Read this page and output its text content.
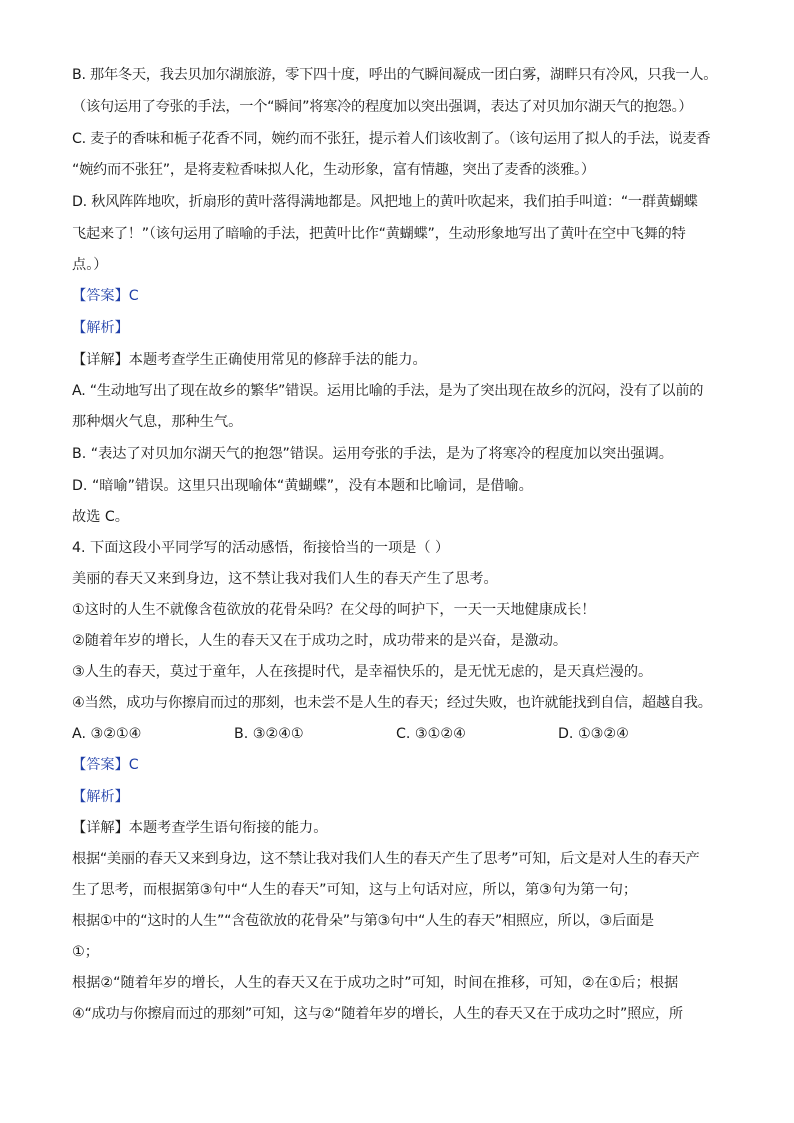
B. 那年冬天，我去贝加尔湖旅游，零下四十度，呼出的气瞬间凝成一团白雾，湖畔只有冷风，只我一人。
（该句运用了夸张的手法，一个“瞬间”将寒冷的程度加以突出强调，表达了对贝加尔湖天气的抱怨。）
C. 麦子的香味和栀子花香不同，婉约而不张狂，提示着人们该收割了。（该句运用了拟人的手法，说麦香
“婉约而不张狂”，是将麦粒香味拟人化，生动形象，富有情趣，突出了麦香的淡雅。）
D. 秋风阵阵地吹，折扇形的黄叶落得满地都是。风把地上的黄叶吹起来，我们拍手叫道：“一群黄蝴蝶
飞起来了！”（该句运用了暗喻的手法，把黄叶比作“黄蝴蝶”，生动形象地写出了黄叶在空中飞舞的特
点。）
【答案】C
【解析】
【详解】本题考查学生正确使用常见的修辞手法的能力。
A. “生动地写出了现在故乡的繁华”错误。运用比喻的手法，是为了突出现在故乡的沉闷，没有了以前的
那种烟火气息，那种生气。
B. “表达了对贝加尔湖天气的抱怨”错误。运用夸张的手法，是为了将寒冷的程度加以突出强调。
D. “暗喻”错误。这里只出现喻体“黄蝴蝶”，没有本题和比喻词，是借喻。
故选 C。
4. 下面这段小平同学写的活动感悟，衔接恰当的一项是（ ）
美丽的春天又来到身边，这不禁让我对我们人生的春天产生了思考。
①这时的人生不就像含苞欲放的花骨朵吗？在父母的呵护下，一天一天地健康成长！
②随着年岁的增长，人生的春天又在于成功之时，成功带来的是兴奋，是激动。
③人生的春天，莫过于童年，人在孩提时代，是幸福快乐的，是无忧无虑的，是天真烂漫的。
④当然，成功与你擦肩而过的那刻，也未尝不是人生的春天；经过失败，也许就能找到自信，超越自我。
A. ③②①④	B. ③②④①	C. ③①②④	D. ①③②④
【答案】C
【解析】
【详解】本题考查学生语句衔接的能力。
根据“美丽的春天又来到身边，这不禁让我对我们人生的春天产生了思考”可知，后文是对人生的春天产
生了思考，而根据第③句中“人生的春天”可知，这与上句话对应，所以，第③句为第一句；
根据①中的“这时的人生”“含苞欲放的花骨朵”与第③句中“人生的春天”相照应，所以，③后面是
①；
根据②“随着年岁的增长，人生的春天又在于成功之时”可知，时间在推移，可知，②在①后；根据
④“成功与你擦肩而过的那刻”可知，这与②“随着年岁的增长，人生的春天又在于成功之时”照应，所
